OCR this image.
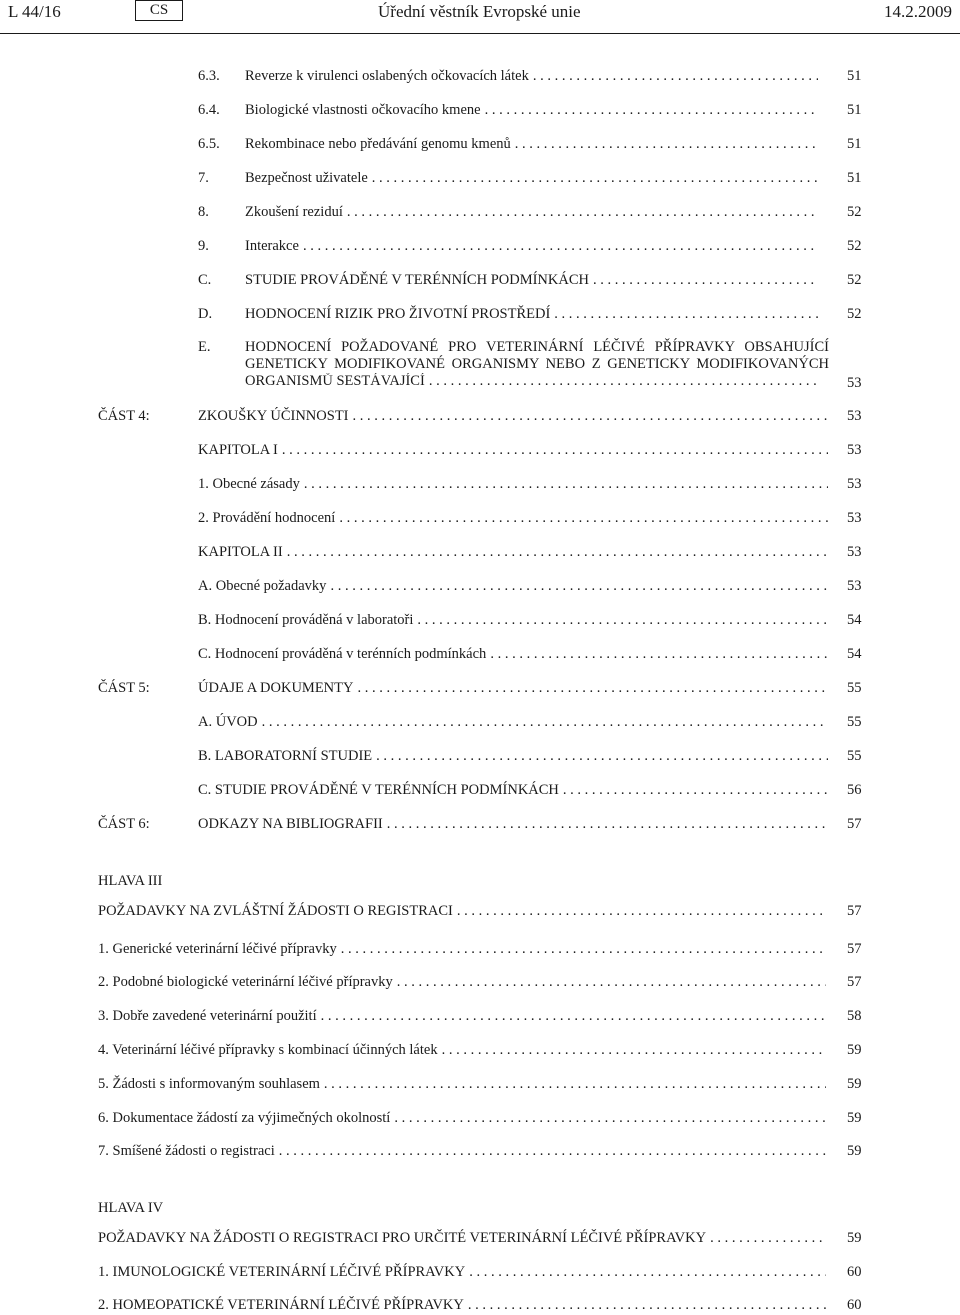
L 44/16	CS	Úřední věstník Evropské unie	14.2.2009
6.3. Reverze k virulenci oslabených očkovacích látek . . .	51
6.4. Biologické vlastnosti očkovacího kmene . . .	51
6.5. Rekombinace nebo předávání genomu kmenů . . .	51
7. Bezpečnost uživatele . . .	51
8. Zkoušení reziduí . . .	52
9. Interakce . . .	52
C. STUDIE PROVÁDĚNÉ V TERÉNNÍCH PODMÍNKÁCH . . .	52
D. HODNOCENÍ RIZIK PRO ŽIVOTNÍ PROSTŘEDÍ . . .	52
E. HODNOCENÍ POŽADOVANÉ PRO VETERINÁRNÍ LÉČIVÉ PŘÍPRAVKY OBSAHUJÍCÍ
GENETICKY MODIFIKOVANÉ ORGANISMY NEBO Z GENETICKY MODIFIKOVANÝCH
ORGANISMŮ SESTÁVAJÍCÍ . . .	53
ČÁST 4:	ZKOUŠKY ÚČINNOSTI . . .	53
KAPITOLA I . . .	53
1. Obecné zásady . . .	53
2. Provádění hodnocení . . .	53
KAPITOLA II . . .	53
A. Obecné požadavky . . .	53
B. Hodnocení prováděná v laboratoři . . .	54
C. Hodnocení prováděná v terénních podmínkách . . .	54
ČÁST 5:	ÚDAJE A DOKUMENTY . . .	55
A. ÚVOD . . .	55
B. LABORATORNÍ STUDIE . . .	55
C. STUDIE PROVÁDĚNÉ V TERÉNNÍCH PODMÍNKÁCH . . .	56
ČÁST 6:	ODKAZY NA BIBLIOGRAFII . . .	57
HLAVA III
POŽADAVKY NA ZVLÁŠTNÍ ŽÁDOSTI O REGISTRACI . . .	57
1. Generické veterinární léčivé přípravky . . .	57
2. Podobné biologické veterinární léčivé přípravky . . .	57
3. Dobře zavedené veterinární použití . . .	58
4. Veterinární léčivé přípravky s kombinací účinných látek . . .	59
5. Žádosti s informovaným souhlasem . . .	59
6. Dokumentace žádostí za výjimečných okolností . . .	59
7. Smíšené žádosti o registraci . . .	59
HLAVA IV
POŽADAVKY NA ŽÁDOSTI O REGISTRACI PRO URČITÉ VETERINÁRNÍ LÉČIVÉ PŘÍPRAVKY . . .	59
1. IMUNOLOGICKÉ VETERINÁRNÍ LÉČIVÉ PŘÍPRAVKY . . .	60
2. HOMEOPATICKÉ VETERINÁRNÍ LÉČIVÉ PŘÍPRAVKY . . .	60
